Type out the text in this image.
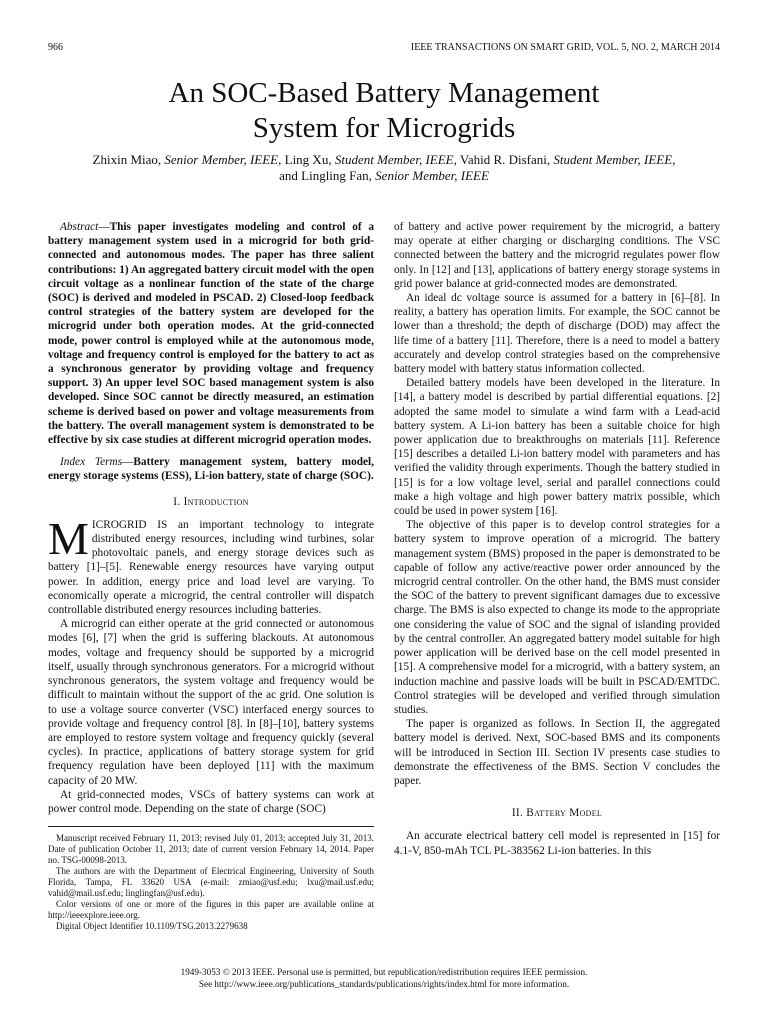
966	IEEE TRANSACTIONS ON SMART GRID, VOL. 5, NO. 2, MARCH 2014
An SOC-Based Battery Management
System for Microgrids
Zhixin Miao, Senior Member, IEEE, Ling Xu, Student Member, IEEE, Vahid R. Disfani, Student Member, IEEE,
and Lingling Fan, Senior Member, IEEE

Abstract—This paper investigates modeling and control of a battery management system used in a microgrid for both grid-connected and autonomous modes. The paper has three salient contributions: 1) An aggregated battery circuit model with the open circuit voltage as a nonlinear function of the state of the charge (SOC) is derived and modeled in PSCAD. 2) Closed-loop feedback control strategies of the battery system are developed for the microgrid under both operation modes. At the grid-connected mode, power control is employed while at the autonomous mode, voltage and frequency control is employed for the battery to act as a synchronous generator by providing voltage and frequency support. 3) An upper level SOC based management system is also developed. Since SOC cannot be directly measured, an estimation scheme is derived based on power and voltage measurements from the battery. The overall management system is demonstrated to be effective by six case studies at different microgrid operation modes.

Index Terms—Battery management system, battery model, energy storage systems (ESS), Li-ion battery, state of charge (SOC).

I. Introduction

MICROGRID IS an important technology to integrate distributed energy resources, including wind turbines, solar photovoltaic panels, and energy storage devices such as battery [1]–[5]. Renewable energy resources have varying output power. In addition, energy price and load level are varying. To economically operate a microgrid, the central controller will dispatch controllable distributed energy resources including batteries.

A microgrid can either operate at the grid connected or autonomous modes [6], [7] when the grid is suffering blackouts. At autonomous modes, voltage and frequency should be supported by a microgrid itself, usually through synchronous generators. For a microgrid without synchronous generators, the system voltage and frequency would be difficult to maintain without the support of the ac grid. One solution is to use a voltage source converter (VSC) interfaced energy sources to provide voltage and frequency control [8]. In [8]–[10], battery systems are employed to restore system voltage and frequency quickly (several cycles). In practice, applications of battery storage system for grid frequency regulation have been deployed [11] with the maximum capacity of 20 MW.

At grid-connected modes, VSCs of battery systems can work at power control mode. Depending on the state of charge (SOC)

Manuscript received February 11, 2013; revised July 01, 2013; accepted July 31, 2013. Date of publication October 11, 2013; date of current version February 14, 2014. Paper no. TSG-00098-2013.

The authors are with the Department of Electrical Engineering, University of South Florida, Tampa, FL 33620 USA (e-mail: zmiao@usf.edu; lxu@mail.usf.edu; vahid@mail.usf.edu; linglingfan@usf.edu).

Color versions of one or more of the figures in this paper are available online at http://ieeexplore.ieee.org.

Digital Object Identifier 10.1109/TSG.2013.2279638

of battery and active power requirement by the microgrid, a battery may operate at either charging or discharging conditions. The VSC connected between the battery and the microgrid regulates power flow only. In [12] and [13], applications of battery energy storage systems in grid power balance at grid-connected modes are demonstrated.

An ideal dc voltage source is assumed for a battery in [6]–[8]. In reality, a battery has operation limits. For example, the SOC cannot be lower than a threshold; the depth of discharge (DOD) may affect the life time of a battery [11]. Therefore, there is a need to model a battery accurately and develop control strategies based on the comprehensive battery model with battery status information collected.

Detailed battery models have been developed in the literature. In [14], a battery model is described by partial differential equations. [2] adopted the same model to simulate a wind farm with a Lead-acid battery system. A Li-ion battery has been a suitable choice for high power application due to breakthroughs on materials [11]. Reference [15] describes a detailed Li-ion battery model with parameters and has verified the validity through experiments. Though the battery studied in [15] is for a low voltage level, serial and parallel connections could make a high voltage and high power battery matrix possible, which could be used in power system [16].

The objective of this paper is to develop control strategies for a battery system to improve operation of a microgrid. The battery management system (BMS) proposed in the paper is demonstrated to be capable of follow any active/reactive power order announced by the microgrid central controller. On the other hand, the BMS must consider the SOC of the battery to prevent significant damages due to excessive charge. The BMS is also expected to change its mode to the appropriate one considering the value of SOC and the signal of islanding provided by the central controller. An aggregated battery model suitable for high power application will be derived base on the cell model presented in [15]. A comprehensive model for a microgrid, with a battery system, an induction machine and passive loads will be built in PSCAD/EMTDC. Control strategies will be developed and verified through simulation studies.

The paper is organized as follows. In Section II, the aggregated battery model is derived. Next, SOC-based BMS and its components will be introduced in Section III. Section IV presents case studies to demonstrate the effectiveness of the BMS. Section V concludes the paper.

II. Battery Model

An accurate electrical battery cell model is represented in [15] for 4.1-V, 850-mAh TCL PL-383562 Li-ion batteries. In this

1949-3053 © 2013 IEEE. Personal use is permitted, but republication/redistribution requires IEEE permission.
See http://www.ieee.org/publications_standards/publications/rights/index.html for more information.
